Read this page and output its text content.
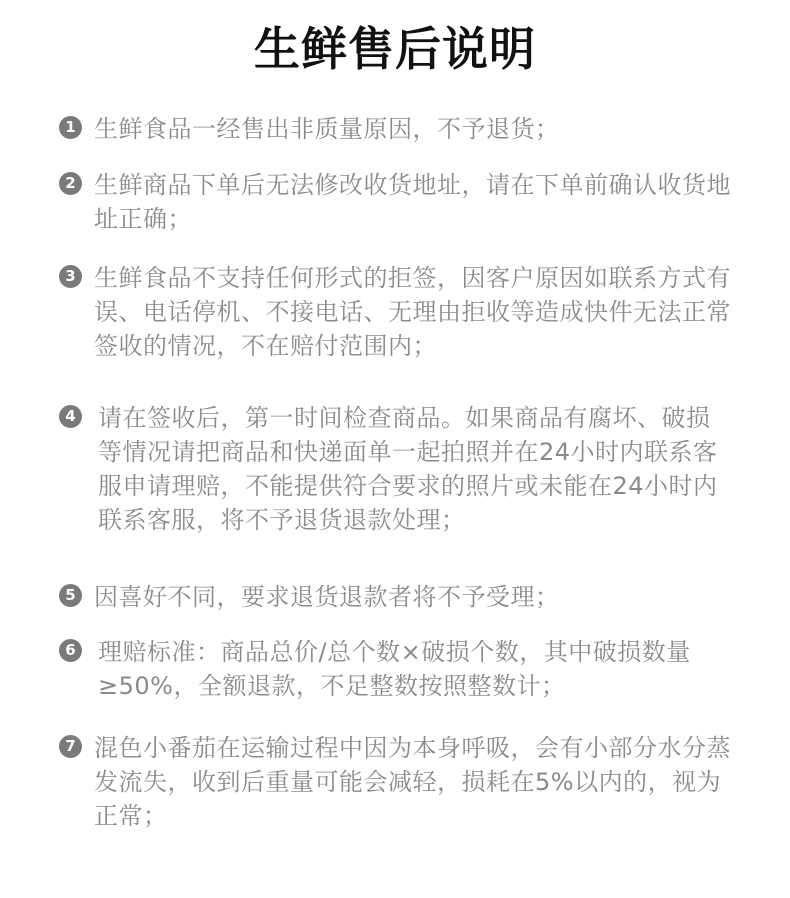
生鲜售后说明
1 生鲜食品一经售出非质量原因，不予退货；

2 生鲜商品下单后无法修改收货地址，请在下单前确认收货地址正确；

3 生鲜食品不支持任何形式的拒签，因客户原因如联系方式有误、电话停机、不接电话、无理由拒收等造成快件无法正常签收的情况，不在赔付范围内；

4 请在签收后，第一时间检查商品。如果商品有腐坏、破损等情况请把商品和快递面单一起拍照并在24小时内联系客服申请理赔，不能提供符合要求的照片或未能在24小时内联系客服，将不予退货退款处理；

5 因喜好不同，要求退货退款者将不予受理；

6 理赔标准：商品总价/总个数×破损个数，其中破损数量≥50%，全额退款，不足整数按照整数计；

7 混色小番茄在运输过程中因为本身呼吸，会有小部分水分蒸发流失，收到后重量可能会减轻，损耗在5%以内的，视为正常；
